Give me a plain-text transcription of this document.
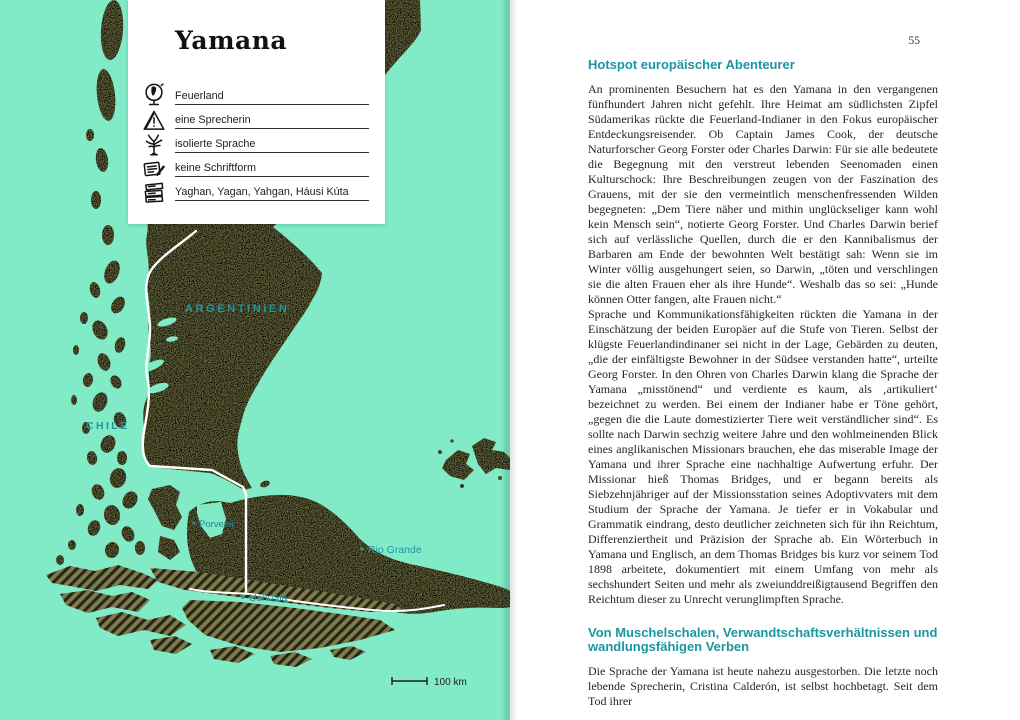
ARGENTINIEN
CHILE
Porvenir
Rio Grande
Ushuaia
100 km
Yamana
Feuerland
eine Sprecherin
isolierte Sprache
keine Schriftform
Yaghan, Yagan, Yahgan, Háusi Kúta
55
Hotspot europäischer Abenteurer

An prominenten Besuchern hat es den Yamana in den vergangenen fünfhundert Jahren nicht gefehlt. Ihre Heimat am südlichsten Zipfel Südamerikas rückte die Feuerland-Indianer in den Fokus europäischer Entdeckungsreisender. Ob Captain James Cook, der deutsche Naturforscher Georg Forster oder Charles Darwin: Für sie alle bedeutete die Begegnung mit den verstreut lebenden Seenomaden einen Kulturschock: Ihre Beschreibungen zeugen von der Faszination des Grauens, mit der sie den vermeintlich menschenfressenden Wilden begegneten: „Dem Tiere näher und mithin unglückseliger kann wohl kein Mensch sein“, notierte Georg Forster. Und Charles Darwin berief sich auf verlässliche Quellen, durch die er den Kannibalismus der Barbaren am Ende der bewohnten Welt bestätigt sah: Wenn sie im Winter völlig ausgehungert seien, so Darwin, „töten und verschlingen sie die alten Frauen eher als ihre Hunde“. Weshalb das so sei: „Hunde können Otter fangen, alte Frauen nicht.“

Sprache und Kommunikationsfähigkeiten rückten die Yamana in der Einschätzung der beiden Europäer auf die Stufe von Tieren. Selbst der klügste Feuerlandindinaner sei nicht in der Lage, Gebärden zu deuten, „die der einfältigste Bewohner in der Südsee verstanden hatte“, urteilte Georg Forster. In den Ohren von Charles Darwin klang die Sprache der Yamana „misstönend“ und verdiente es kaum, als ‚artikuliert‘ bezeichnet zu werden. Bei einem der Indianer habe er Töne gehört, „gegen die die Laute domestizierter Tiere weit verständlicher sind“. Es sollte nach Darwin sechzig weitere Jahre und den wohlmeinenden Blick eines anglikanischen Missionars brauchen, ehe das miserable Image der Yamana und ihrer Sprache eine nachhaltige Aufwertung erfuhr. Der Missionar hieß Thomas Bridges, und er begann bereits als Siebzehnjähriger auf der Missionsstation seines Adoptivvaters mit dem Studium der Sprache der Yamana. Je tiefer er in Vokabular und Grammatik eindrang, desto deutlicher zeichneten sich für ihn Reichtum, Differenziertheit und Präzision der Sprache ab. Ein Wörterbuch in Yamana und Englisch, an dem Thomas Bridges bis kurz vor seinem Tod 1898 arbeitete, dokumentiert mit einem Umfang von mehr als sechshundert Seiten und mehr als zweiunddreißigtausend Begriffen den Reichtum dieser zu Unrecht verunglimpften Sprache.

Von Muschelschalen, Verwandtschaftsverhältnissen und wandlungsfähigen Verben

Die Sprache der Yamana ist heute nahezu ausgestorben. Die letzte noch lebende Sprecherin, Cristina Calderón, ist selbst hochbetagt. Seit dem Tod ihrer
